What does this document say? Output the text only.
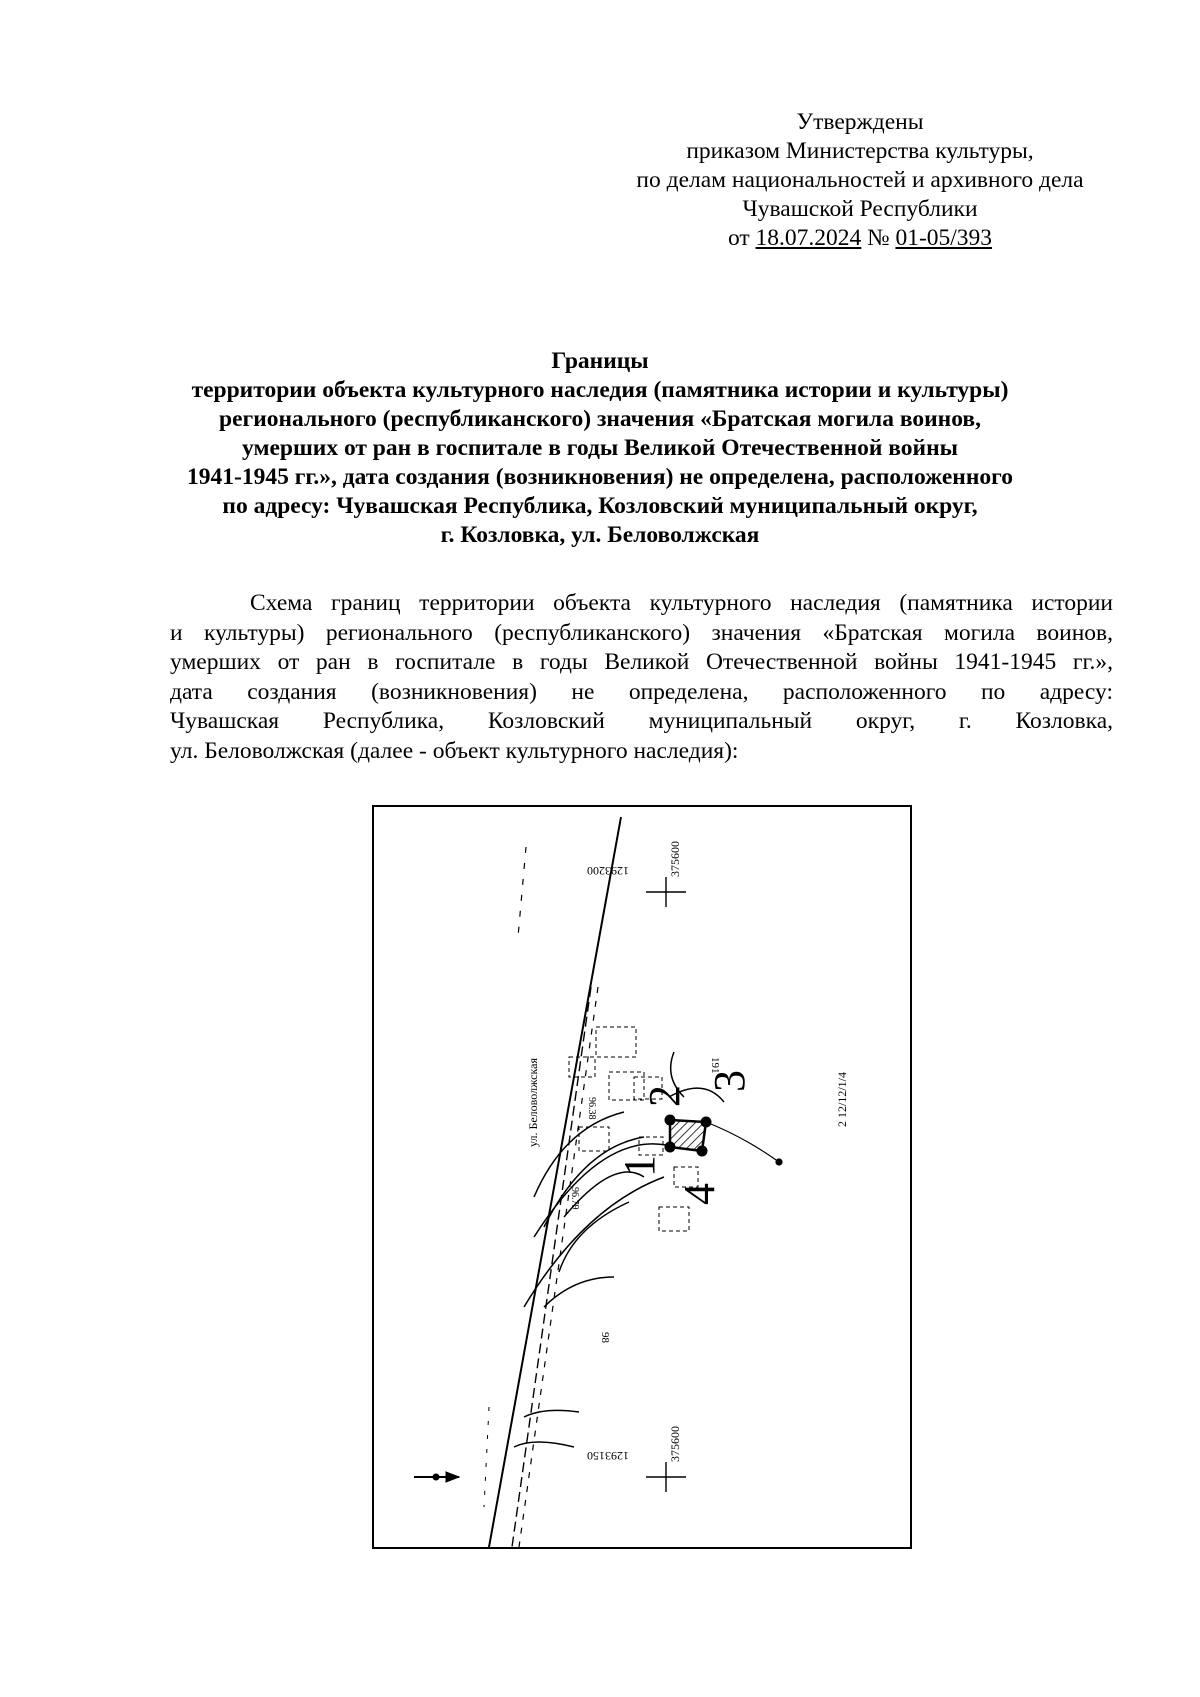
Утверждены
приказом Министерства культуры,
по делам национальностей и архивного дела
Чувашской Республики
от 18.07.2024 № 01-05/393
Границы
территории объекта культурного наследия (памятника истории и культуры)
регионального (республиканского) значения «Братская могила воинов,
умерших от ран в госпитале в годы Великой Отечественной войны
1941-1945 гг.», дата создания (возникновения) не определена, расположенного
по адресу: Чувашская Республика, Козловский муниципальный округ,
г. Козловка, ул. Беловолжская
Схема границ территории объекта культурного наследия (памятника истории
и культуры) регионального (республиканского) значения «Братская могила воинов,
умерших от ран в госпитале в годы Великой Отечественной войны 1941-1945 гг.»,
дата создания (возникновения) не определена, расположенного по адресу:
Чувашская Республика, Козловский муниципальный округ, г. Козловка,
ул. Беловолжская (далее - объект культурного наследия):
1
2
3
4
ул. Беловолжская	191
98
96.79
96.38	2 12/12/1/4
1293200	375600
1293150	375600
